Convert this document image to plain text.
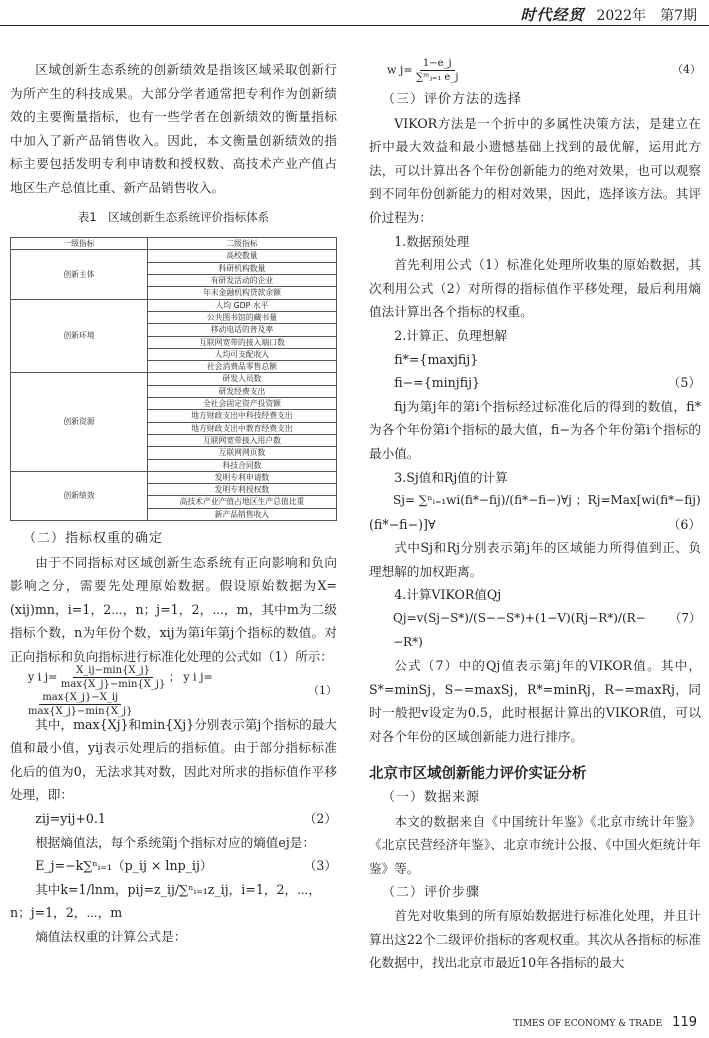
时代经贸 2022年　第7期
区域创新生态系统的创新绩效是指该区域采取创新行为所产生的科技成果。大部分学者通常把专利作为创新绩效的主要衡量指标，也有一些学者在创新绩效的衡量指标中加入了新产品销售收入。因此，本文衡量创新绩效的指标主要包括发明专利申请数和授权数、高技术产业产值占地区生产总值比重、新产品销售收入。
表1　区域创新生态系统评价指标体系
一级指标	二级指标
创新主体	高校数量
	科研机构数量
	有研发活动的企业
	年末金融机构贷款余额
创新环境	人均 GDP 水平
	公共图书馆的藏书量
	移动电话的普及率
	互联网宽带的接入端口数
	人均可支配收入
	社会消费品零售总额
创新资源	研发人员数
	研发经费支出
	全社会固定资产投资额
	地方财政支出中科技经费支出
	地方财政支出中教育经费支出
	互联网宽带接入用户数
	互联网网页数
	科技合同数
创新绩效	发明专利申请数
	发明专利授权数
	高技术产业产值占地区生产总值比重
	新产品销售收入
（二）指标权重的确定
由于不同指标对区域创新生态系统有正向影响和负向影响之分，需要先处理原始数据。假设原始数据为X=(xij)mn，i=1，2⋯，n；j=1，2，⋯，m，其中m为二级指标个数，n为年份个数，xij为第i年第j个指标的数值。对正向指标和负向指标进行标准化处理的公式如（1）所示：
y i $j= \frac{X\_ij-\min\{X\_j\}}{\max\{X\_j\}-\min\{X\_j\}}$ ； y i j=
$\frac{\max\{X\_j\}-X\_ij}{\max\{X\_j\}-\min\{X\_j\}}$
（1）
其中，max{Xj}和min{Xj}分别表示第j个指标的最大值和最小值，yij表示处理后的指标值。由于部分指标标准化后的值为0，无法求其对数，因此对所求的指标值作平移处理，即：
zij=yij+0.1	（2）
根据熵值法，每个系统第j个指标对应的熵值ej是：
E_j=−k∑ⁿᵢ₌₁（p_ij × lnp_ij）	（3）
其中k=1/lnm，pij=z_ij/∑ⁿᵢ₌₁z_ij，i=1，2，⋯，n；j=1，2，⋯，m
熵值法权重的计算公式是：
w $j= \frac{1-e\_j}{\text{∑ᵐⱼ₌₁ e\_j}}$	（4）
（三）评价方法的选择
VIKOR方法是一个折中的多属性决策方法，是建立在折中最大效益和最小遗憾基础上找到的最优解，运用此方法，可以计算出各个年份创新能力的绝对效果，也可以观察到不同年份创新能力的相对效果，因此，选择该方法。其评价过程为：
1.数据预处理
首先利用公式（1）标准化处理所收集的原始数据，其次利用公式（2）对所得的指标值作平移处理，最后利用熵值法计算出各个指标的权重。
2.计算正、负理想解
fi*={maxjfij}
fi−={minjfij}	（5）
fij为第j年的第i个指标经过标准化后的得到的数值，fi*为各个年份第i个指标的最大值，fi−为各个年份第i个指标的最小值。
3.Sj值和Rj值的计算
Sj= ∑ⁿᵢ₌₁wi(fi*−fij)/(fi*−fi−)∀j ；Rj=Max[wi(fi*−fij)
(fi*−fi−)]∀	（6）
式中Sj和Rj分别表示第j年的区域能力所得值到正、负理想解的加权距离。
4.计算VIKOR值Qj
Qj=v(Sj−S*)/(S−−S*)+(1−V)(Rj−R*)/(R−−R*)
（7）
公式（7）中的Qj值表示第j年的VIKOR值。其中，S*=minSj，S−=maxSj，R*=minRj，R−=maxRj，同时一般把v设定为0.5，此时根据计算出的VIKOR值，可以对各个年份的区域创新能力进行排序。
北京市区域创新能力评价实证分析
（一）数据来源
本文的数据来自《中国统计年鉴》《北京市统计年鉴》《北京民营经济年鉴》、北京市统计公报、《中国火炬统计年鉴》等。
（二）评价步骤
首先对收集到的所有原始数据进行标准化处理，并且计算出这22个二级评价指标的客观权重。其次从各指标的标准化数据中，找出北京市最近10年各指标的最大
TIMES OF ECONOMY & TRADE 119
